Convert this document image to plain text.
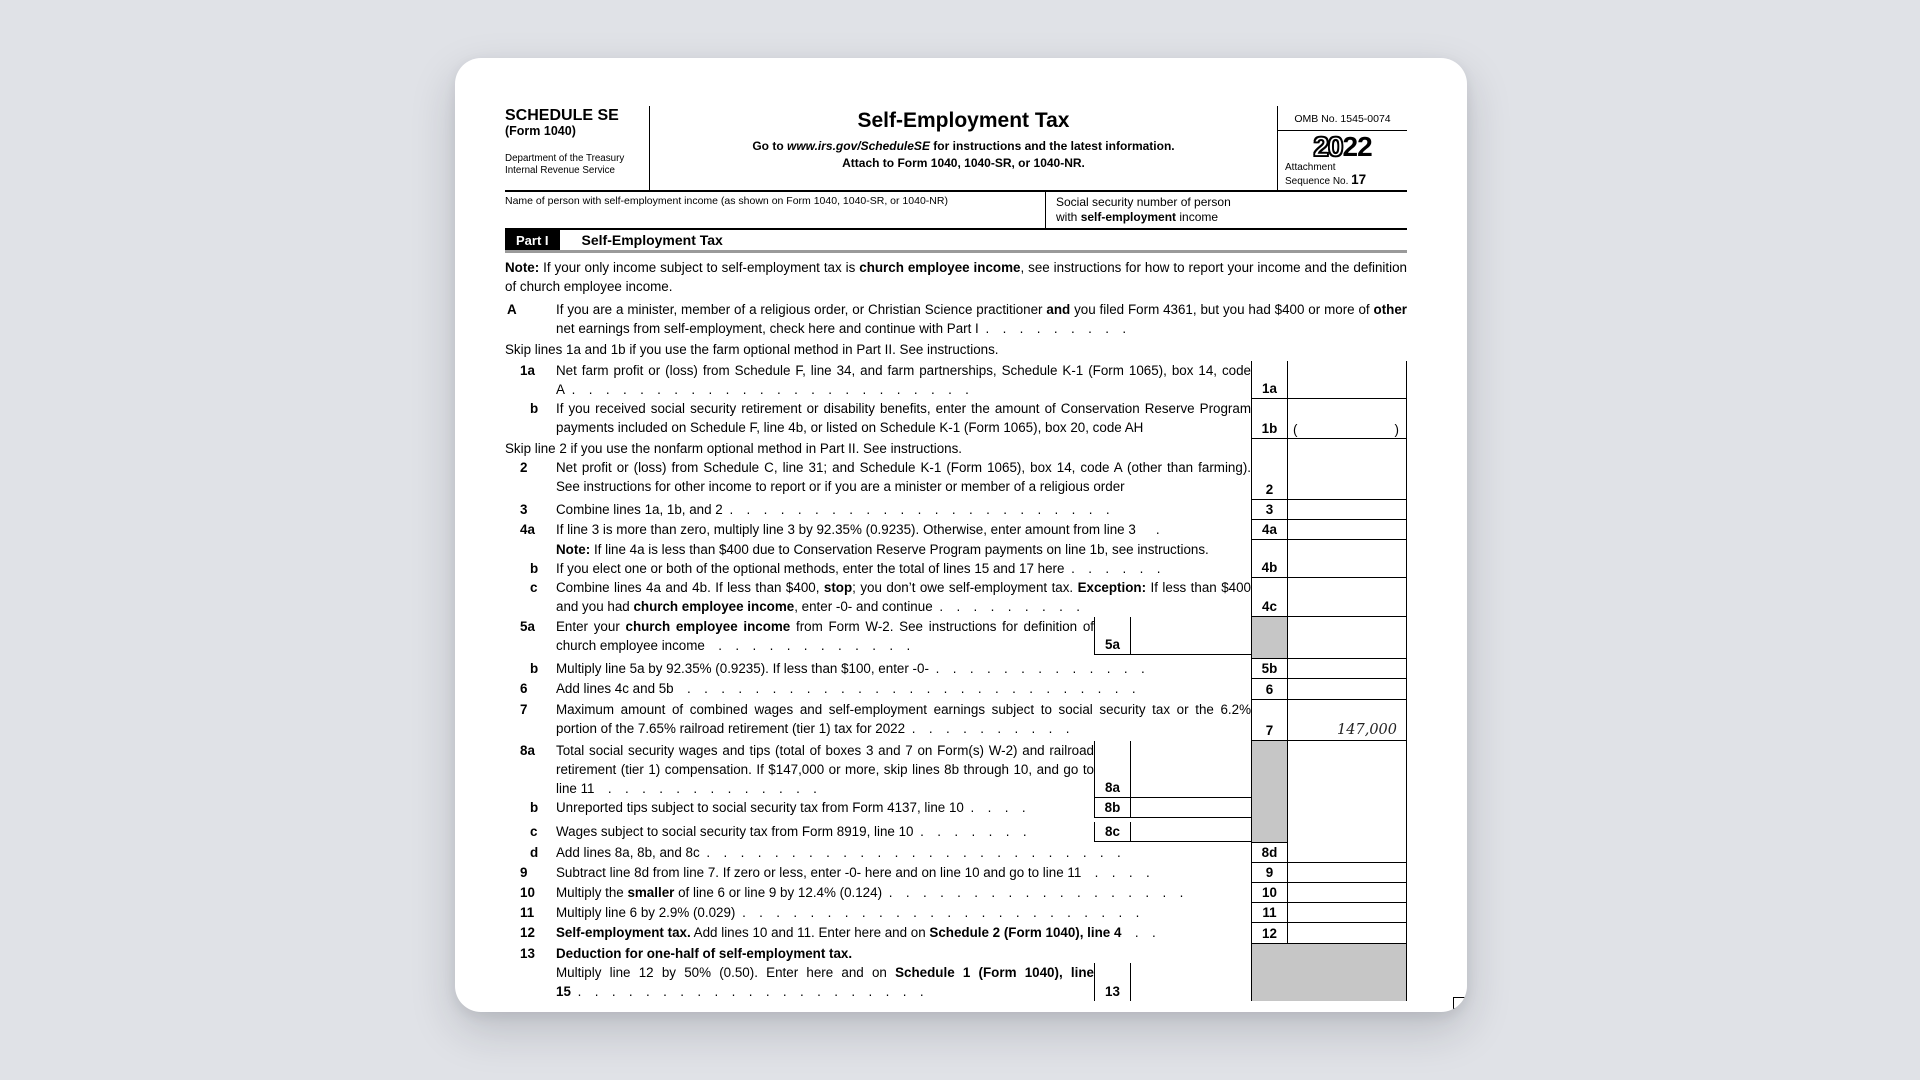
SCHEDULE SE
(Form 1040)
Department of the Treasury
Internal Revenue Service
Self-Employment Tax
Go to www.irs.gov/ScheduleSE for instructions and the latest information.
Attach to Form 1040, 1040-SR, or 1040-NR.
OMB No. 1545-0074
2022
Attachment
Sequence No. 17
Name of person with self-employment income (as shown on Form 1040, 1040-SR, or 1040-NR)	Social security number of person
with self-employment income
Part I	Self-Employment Tax
Note: If your only income subject to self-employment tax is church employee income, see instructions for how to report your income and the definition of church employee income.
A	If you are a minister, member of a religious order, or Christian Science practitioner and you filed Form 4361, but you had $400 or more of other net earnings from self-employment, check here and continue with Part I .  .  .  .  .  .  .  .  .
Skip lines 1a and 1b if you use the farm optional method in Part II. See instructions.
1a	Net farm profit or (loss) from Schedule F, line 34, and farm partnerships, Schedule K-1 (Form 1065), box 14, code A .  .  .  .  .  .  .  .  .  .  .  .  .  .  .  .  .  .  .  .  .  .  .  .	1a
b	If you received social security retirement or disability benefits, enter the amount of Conservation Reserve Program payments included on Schedule F, line 4b, or listed on Schedule K-1 (Form 1065), box 20, code AH	1b (	)
Skip line 2 if you use the nonfarm optional method in Part II. See instructions.
2	Net profit or (loss) from Schedule C, line 31; and Schedule K-1 (Form 1065), box 14, code A (other than farming). See instructions for other income to report or if you are a minister or member of a religious order	2
3	Combine lines 1a, 1b, and 2 .  .  .  .  .  .  .  .  .  .  .  .  .  .  .  .  .  .  .  .  .  .  .	3
4a	If line 3 is more than zero, multiply line 3 by 92.35% (0.9235). Otherwise, enter amount from line 3   .	4a
Note: If line 4a is less than $400 due to Conservation Reserve Program payments on line 1b, see instructions.
b	If you elect one or both of the optional methods, enter the total of lines 15 and 17 here .  .  .  .  .  .	4b
c	Combine lines 4a and 4b. If less than $400, stop; you don’t owe self-employment tax. Exception: If less than $400 and you had church employee income, enter -0- and continue .  .  .  .  .  .  .  .  .	4c
5a	Enter your church employee income from Form W-2. See instructions for definition of church employee income  .  .  .  .  .  .  .  .  .  .  .  .	5a
b	Multiply line 5a by 92.35% (0.9235). If less than $100, enter -0- .  .  .  .  .  .  .  .  .  .  .  .  .	5b
6	Add lines 4c and 5b  .  .  .  .  .  .  .  .  .  .  .  .  .  .  .  .  .  .  .  .  .  .  .  .  .  .  .	6
7	Maximum amount of combined wages and self-employment earnings subject to social security tax or the 6.2% portion of the 7.65% railroad retirement (tier 1) tax for 2022 .  .  .  .  .  .  .  .  .  .	7	147,000
8a	Total social security wages and tips (total of boxes 3 and 7 on Form(s) W-2) and railroad retirement (tier 1) compensation. If $147,000 or more, skip lines 8b through 10, and go to line 11  .  .  .  .  .  .  .  .  .  .  .  .  .	8a
b	Unreported tips subject to social security tax from Form 4137, line 10 .  .  .  .	8b
c	Wages subject to social security tax from Form 8919, line 10 .  .  .  .  .  .  .	8c
d	Add lines 8a, 8b, and 8c .  .  .  .  .  .  .  .  .  .  .  .  .  .  .  .  .  .  .  .  .  .  .  .  .	8d
9	Subtract line 8d from line 7. If zero or less, enter -0- here and on line 10 and go to line 11  .  .  .  .	9
10	Multiply the smaller of line 6 or line 9 by 12.4% (0.124) .  .  .  .  .  .  .  .  .  .  .  .  .  .  .  .  .  .	10
11	Multiply line 6 by 2.9% (0.029) .  .  .  .  .  .  .  .  .  .  .  .  .  .  .  .  .  .  .  .  .  .  .  .	11
12	Self-employment tax. Add lines 10 and 11. Enter here and on Schedule 2 (Form 1040), line 4  .  .	12
13	Deduction for one-half of self-employment tax.
Multiply line 12 by 50% (0.50). Enter here and on Schedule 1 (Form 1040), line 15 .  .  .  .  .  .  .  .  .  .  .  .  .  .  .  .  .  .  .  .  .	13
